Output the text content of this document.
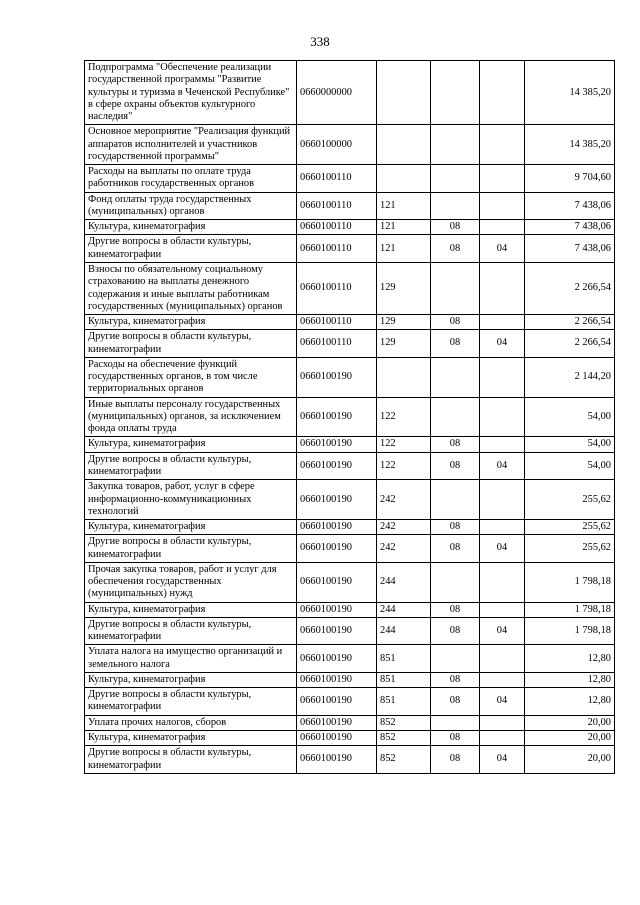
338
Подпрограмма "Обеспечение реализации государственной программы "Развитие культуры и туризма в Чеченской Республике" в сфере охраны объектов культурного наследия"	0660000000				14 385,20
Основное мероприятие "Реализация функций аппаратов исполнителей и участников государственной программы"	0660100000				14 385,20
Расходы на выплаты по оплате труда работников государственных органов	0660100110				9 704,60
Фонд оплаты труда государственных (муниципальных) органов	0660100110	121			7 438,06
Культура, кинематография	0660100110	121	08		7 438,06
Другие вопросы в области культуры, кинематографии	0660100110	121	08	04	7 438,06
Взносы по обязательному социальному страхованию на выплаты денежного содержания и иные выплаты работникам государственных (муниципальных) органов	0660100110	129			2 266,54
Культура, кинематография	0660100110	129	08		2 266,54
Другие вопросы в области культуры, кинематографии	0660100110	129	08	04	2 266,54
Расходы на обеспечение функций государственных органов, в том числе территориальных органов	0660100190				2 144,20
Иные выплаты персоналу государственных (муниципальных) органов, за исключением фонда оплаты труда	0660100190	122			54,00
Культура, кинематография	0660100190	122	08		54,00
Другие вопросы в области культуры, кинематографии	0660100190	122	08	04	54,00
Закупка товаров, работ, услуг в сфере информационно-коммуникационных технологий	0660100190	242			255,62
Культура, кинематография	0660100190	242	08		255,62
Другие вопросы в области культуры, кинематографии	0660100190	242	08	04	255,62
Прочая закупка товаров, работ и услуг для обеспечения государственных (муниципальных) нужд	0660100190	244			1 798,18
Культура, кинематография	0660100190	244	08		1 798,18
Другие вопросы в области культуры, кинематографии	0660100190	244	08	04	1 798,18
Уплата налога на имущество организаций и земельного налога	0660100190	851			12,80
Культура, кинематография	0660100190	851	08		12,80
Другие вопросы в области культуры, кинематографии	0660100190	851	08	04	12,80
Уплата прочих налогов, сборов	0660100190	852			20,00
Культура, кинематография	0660100190	852	08		20,00
Другие вопросы в области культуры, кинематографии	0660100190	852	08	04	20,00
